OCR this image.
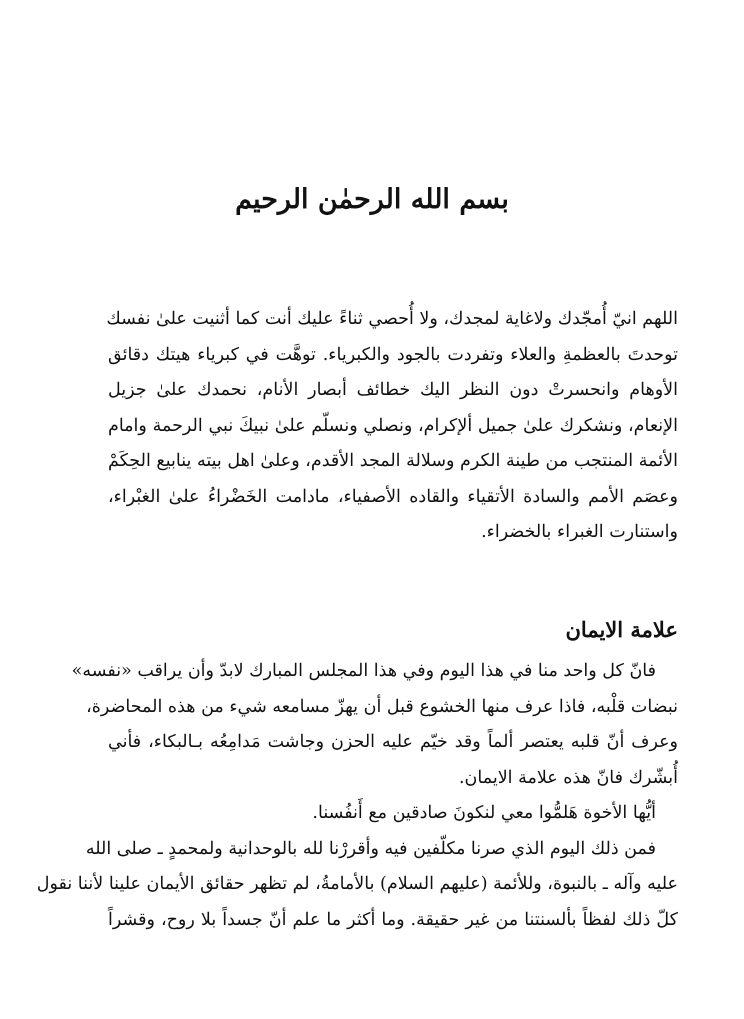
بسم الله الرحمٰن الرحيم
اللهم انيّ أُمجّدك ولاغاية لمجدك، ولا أُحصي ثناءً عليك أنت كما أثنيت علىٰ نفسك
توحدتَ بالعظمةِ والعلاء وتفردت بالجود والكبرياء. توهَّت في كبرياء هيتك دقائق
الأوهام وانحسرتْ دون النظر اليك خطائف أبصار الأنام، نحمدك علىٰ جزيل
الإنعام، ونشكرك علىٰ جميل ألإكرام، ونصلي ونسلّم علىٰ نبيكَ نبي الرحمة وامام
الأئمة المنتجب من طينة الكرم وسلالة المجد الأقدم، وعلىٰ اهل بيته ينابيع الحِكَمْ
وعصَم الأمم والسادة الأتقياء والقاده الأصفياء، مادامت الخَضْراءُ علىٰ الغبْراء،
واستنارت الغبراء بالخضراء.
علامة الايمان
فانّ كل واحد منا في هذا اليوم وفي هذا المجلس المبارك لابدّ وأن يراقب «نفسه»
نبضات قلْبه، فاذا عرف منها الخشوع قبل أن يهزّ مسامعه شيء من هذه المحاضرة،
وعرف أنّ قلبه يعتصر ألماً وقد خيّم عليه الحزن وجاشت مَدامِعُه بـالبكاء، فأني
أُبشّرك فانّ هذه علامة الايمان.
أيُّها الأخوة هَلمُّوا معي لنكونَ صادقين مع أَنفُسنا.
فمن ذلك اليوم الذي صرنا مكلّفين فيه وأقررْنا لله بالوحدانية ولمحمدٍ ـ صلى الله
عليه وآله ـ بالنبوة، وللأئمة (عليهم السلام) بالأمامةُ، لم تظهر حقائق الأيمان علينا لأننا نقول
كلّ ذلك لفظاً بألسنتنا من غير حقيقة. وما أكثر ما علم أنّ جسداً بلا روح، وقشراً
